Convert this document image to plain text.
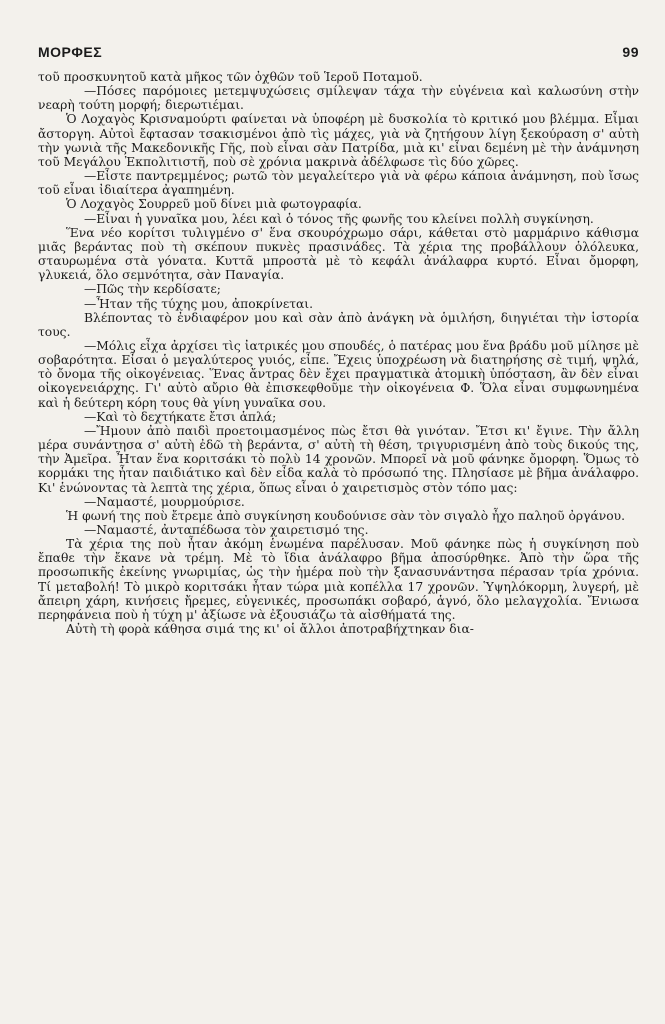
ΜΟΡΦΕΣ	99

τοῦ προσκυνητοῦ κατὰ μῆκος τῶν ὀχθῶν τοῦ Ἱεροῦ Ποταμοῦ.

—Πόσες παρόμοιες μετεμψυχώσεις σμίλεψαν τάχα τὴν εὐγένεια καὶ καλωσύνη στὴν νεαρὴ τούτη μορφή; διερωτιέμαι.

Ὁ Λοχαγὸς Κρισναμούρτι φαίνεται νὰ ὑποφέρη μὲ δυσκολία τὸ κριτικό μου βλέμμα. Εἶμαι ἄστοργη. Αὐτοὶ ἔφτασαν τσακισμένοι ἀπὸ τὶς μάχες, γιὰ νὰ ζητήσουν λίγη ξεκούραση σ' αὐτὴ τὴν γωνιὰ τῆς Μακεδονικῆς Γῆς, ποὺ εἶναι σὰν Πατρίδα, μιὰ κι' εἶναι δεμένη μὲ τὴν ἀνάμνηση τοῦ Μεγάλου Ἐκπολιτιστῆ, ποὺ σὲ χρόνια μακρινὰ ἀδέλφωσε τὶς δύο χῶρες.

—Εἶστε παντρεμμένος; ρωτῶ τὸν μεγαλείτερο γιὰ νὰ φέρω κάποια ἀνάμνηση, ποὺ ἴσως τοῦ εἶναι ἰδιαίτερα ἀγαπημένη.

Ὁ Λοχαγὸς Σουρρεῦ μοῦ δίνει μιὰ φωτογραφία.

—Εἶναι ἡ γυναῖκα μου, λέει καὶ ὁ τόνος τῆς φωνῆς του κλείνει πολλὴ συγκίνηση.

Ἕνα νέο κορίτσι τυλιγμένο σ' ἕνα σκουρόχρωμο σάρι, κάθεται στὸ μαρμάρινο κάθισμα μιᾶς βεράντας ποὺ τὴ σκέπουν πυκνὲς πρασινάδες. Τὰ χέρια της προβάλλουν ὁλόλευκα, σταυρωμένα στὰ γόνατα. Κυττᾶ μπροστὰ μὲ τὸ κεφάλι ἀνάλαφρα κυρτό. Εἶναι ὄμορφη, γλυκειά, ὅλο σεμνότητα, σὰν Παναγία.

—Πῶς τὴν κερδίσατε;

—Ἦταν τῆς τύχης μου, ἀποκρίνεται.

Βλέποντας τὸ ἐνδιαφέρον μου καὶ σὰν ἀπὸ ἀνάγκη νὰ ὁμιλήση, διηγιέται τὴν ἱστορία τους.

—Μόλις εἶχα ἀρχίσει τὶς ἰατρικές μου σπουδές, ὁ πατέρας μου ἕνα βράδυ μοῦ μίλησε μὲ σοβαρότητα. Εἶσαι ὁ μεγαλύτερος γυιός, εἶπε. Ἔχεις ὑποχρέωση νὰ διατηρήσης σὲ τιμή, ψηλά, τὸ ὄνομα τῆς οἰκογένειας. Ἕνας ἄντρας δὲν ἔχει πραγματικὰ ἀτομικὴ ὑπόσταση, ἂν δὲν εἶναι οἰκογενειάρχης. Γι' αὐτὸ αὔριο θὰ ἐπισκεφθοῦμε τὴν οἰκογένεια Φ. Ὅλα εἶναι συμφωνημένα καὶ ἡ δεύτερη κόρη τους θὰ γίνη γυναῖκα σου.

—Καὶ τὸ δεχτήκατε ἔτσι ἁπλά;

—Ἤμουν ἀπὸ παιδὶ προετοιμασμένος πὼς ἔτσι θὰ γινόταν. Ἔτσι κι' ἔγινε. Τὴν ἄλλη μέρα συνάντησα σ' αὐτὴ ἐδῶ τὴ βεράντα, σ' αὐτὴ τὴ θέση, τριγυρισμένη ἀπὸ τοὺς δικούς της, τὴν Ἀμεῖρα. Ἦταν ἕνα κοριτσάκι τὸ πολὺ 14 χρονῶν. Μπορεῖ νὰ μοῦ φάνηκε ὄμορφη. Ὅμως τὸ κορμάκι της ἦταν παιδιάτικο καὶ δὲν εἶδα καλὰ τὸ πρόσωπό της. Πλησίασε μὲ βῆμα ἀνάλαφρο. Κι' ἑνώνοντας τὰ λεπτὰ της χέρια, ὅπως εἶναι ὁ χαιρετισμὸς στὸν τόπο μας:

—Ναμαστέ, μουρμούρισε.

Ἡ φωνή της ποὺ ἔτρεμε ἀπὸ συγκίνηση κουδούνισε σὰν τὸν σιγαλὸ ἦχο παληοῦ ὀργάνου.

—Ναμαστέ, ἀνταπέδωσα τὸν χαιρετισμό της.

Τὰ χέρια της ποὺ ἦταν ἀκόμη ἑνωμένα παρέλυσαν. Μοῦ φάνηκε πὼς ἡ συγκίνηση ποὺ ἔπαθε τὴν ἔκανε νὰ τρέμη. Μὲ τὸ ἴδια ἀνάλαφρο βῆμα ἀποσύρθηκε. Ἀπὸ τὴν ὥρα τῆς προσωπικῆς ἐκείνης γνωριμίας, ὡς τὴν ἡμέρα ποὺ τὴν ξανασυνάντησα πέρασαν τρία χρόνια. Τί μεταβολή! Τὸ μικρὸ κοριτσάκι ἦταν τώρα μιὰ κοπέλλα 17 χρονῶν. Ὑψηλόκορμη, λυγερή, μὲ ἄπειρη χάρη, κινήσεις ἤρεμες, εὐγενικές, προσωπάκι σοβαρό, ἁγνό, ὅλο μελαγχολία. Ἔνιωσα περηφάνεια ποὺ ἡ τύχη μ' ἀξίωσε νὰ ἐξουσιάζω τὰ αἰσθήματά της.

Αὐτὴ τὴ φορὰ κάθησα σιμά της κι' οἱ ἄλλοι ἀποτραβήχτηκαν δια-
